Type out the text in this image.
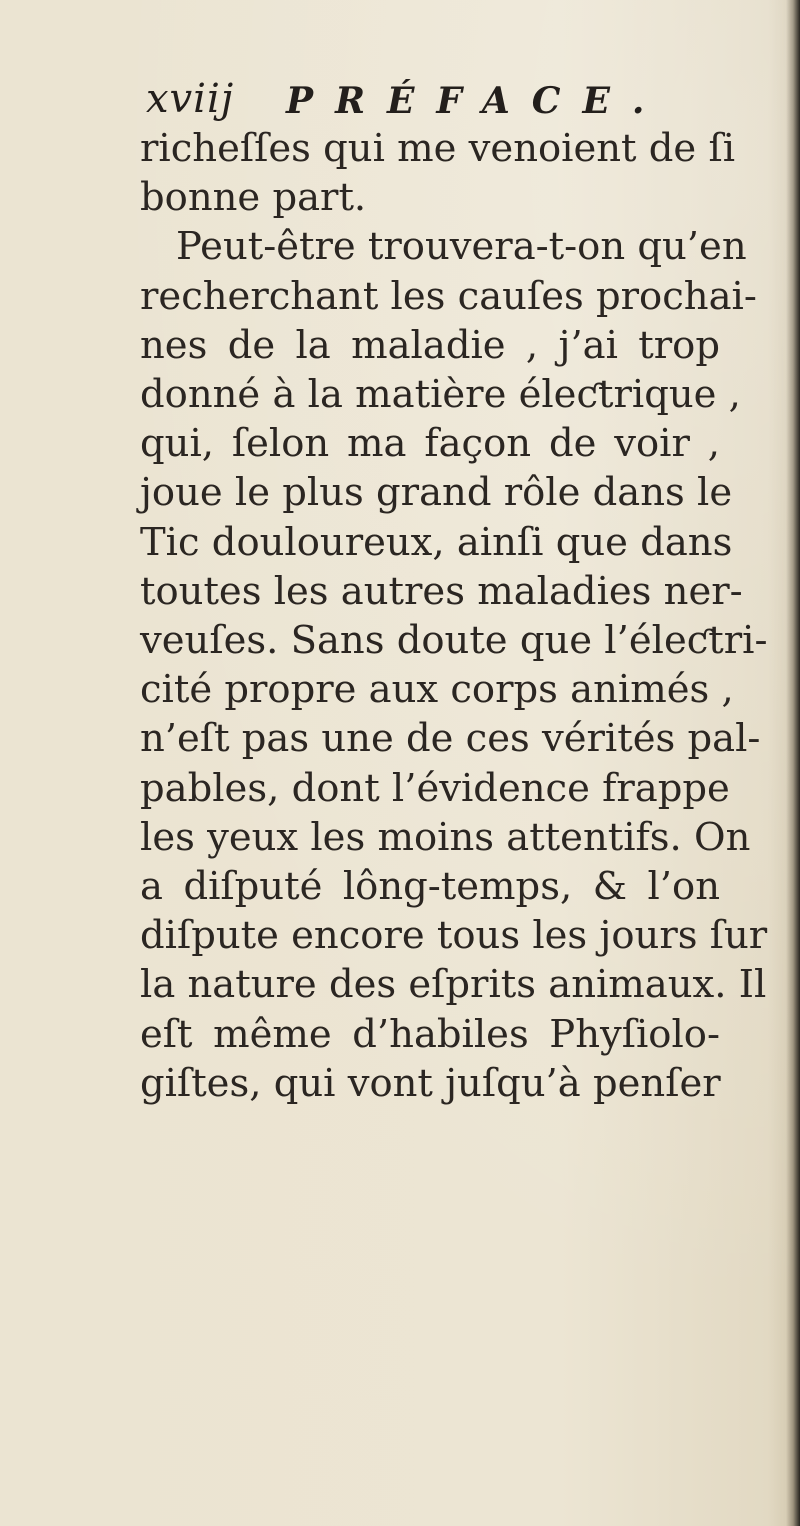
xviij PRÉFACE.
richeſſes qui me venoient de ſi
bonne part.
Peut-être trouvera-t-on qu’en
recherchant les cauſes prochai-
nes de la maladie , j’ai trop
donné à la matière éleƈtrique ,
qui, ſelon ma façon de voir ,
joue le plus grand rôle dans le
Tic douloureux, ainſi que dans
toutes les autres maladies ner-
veuſes. Sans doute que l’éleƈtri-
cité propre aux corps animés ,
n’eſt pas une de ces vérités pal-
pables, dont l’évidence frappe
les yeux les moins attentifs. On
a diſputé lông-temps, & l’on
diſpute encore tous les jours ſur
la nature des eſprits animaux. Il
eſt même d’habiles Phyſiolo-
giſtes, qui vont juſqu’à penſer
